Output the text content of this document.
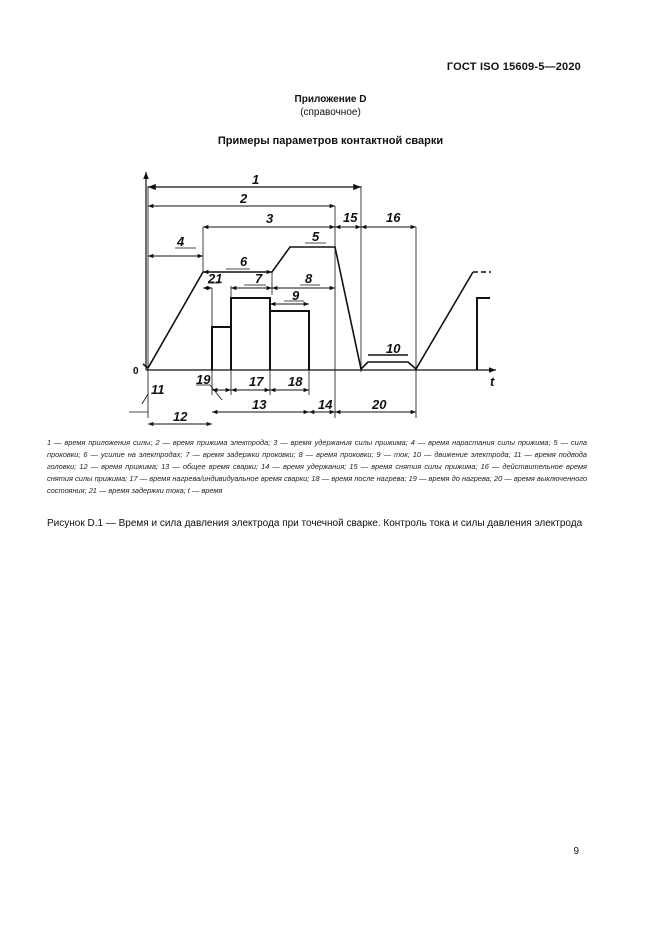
ГОСТ ISO 15609-5—2020
Приложение D
(справочное)
Примеры параметров контактной сварки
1
2
3
4	5
6
7	8
9
10
11
12
13	14
15 16
17 18
19
20
21
0
t
1 — время приложения силы; 2 — время прижима электрода; 3 — время удержания силы прижима; 4 — время нарастания силы прижима; 5 — сила проковки; 6 — усилие на электродах; 7 — время задержки проковки; 8 — время проковки; 9 — ток; 10 — движение электрода; 11 — время подвода головки; 12 — время прижима; 13 — общее время сварки; 14 — время удержания; 15 — время снятия силы прижима; 16 — действительное время снятия силы прижима; 17 — время нагрева/индивидуальное время сварки; 18 — время после нагрева; 19 — время до нагрева; 20 — время выключенного состояния; 21 — время задержки тока; t — время
Рисунок D.1 — Время и сила давления электрода при точечной сварке. Контроль тока и силы давления электрода
9
